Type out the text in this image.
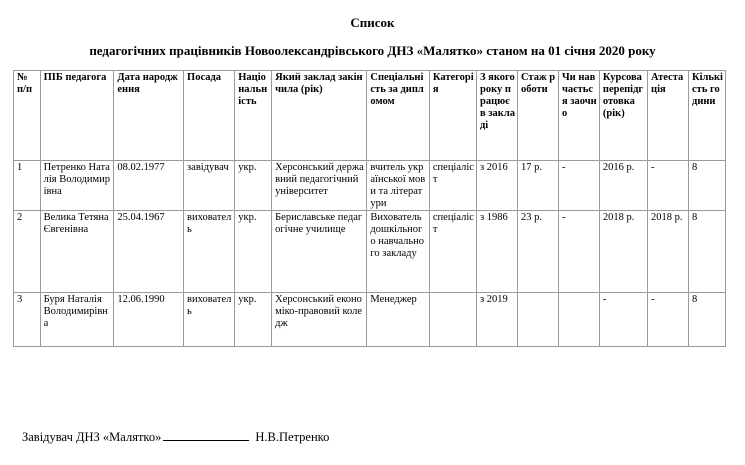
Список
педагогічних працівників Новоолександрівського ДНЗ «Малятко» станом на 01 січня 2020 року
№ п/п	ПІБ педагога	Дата народження	Посада	Національність	Який заклад закінчила (рік)	Спеціальність за дипломом	Категорія	З якого року працює в закладі	Стаж роботи	Чи навчається заочно	Курсова перепідготовка (рік)	Атестація	Кількість години
1	Петренко Наталія Володимирівна	08.02.1977	завідувач	укр.	Херсонський державний педагогічний університет	вчитель української мови та літератури	спеціаліст	з 2016	17 р.	-	2016 р.	-	8
2	Велика Тетяна Євгенівна	25.04.1967	вихователь	укр.	Бериславське педагогічне училище	Вихователь дошкільного навчального закладу	спеціаліст	з 1986	23 р.	-	2018 р.	2018 р.	8
3	Буря Наталія Володимирівна	12.06.1990	вихователь	укр.	Херсонський економіко-правовий коледж	Менеджер		з 2019			-	-	8
Завідувач ДНЗ «Малятко»	Н.В.Петренко
